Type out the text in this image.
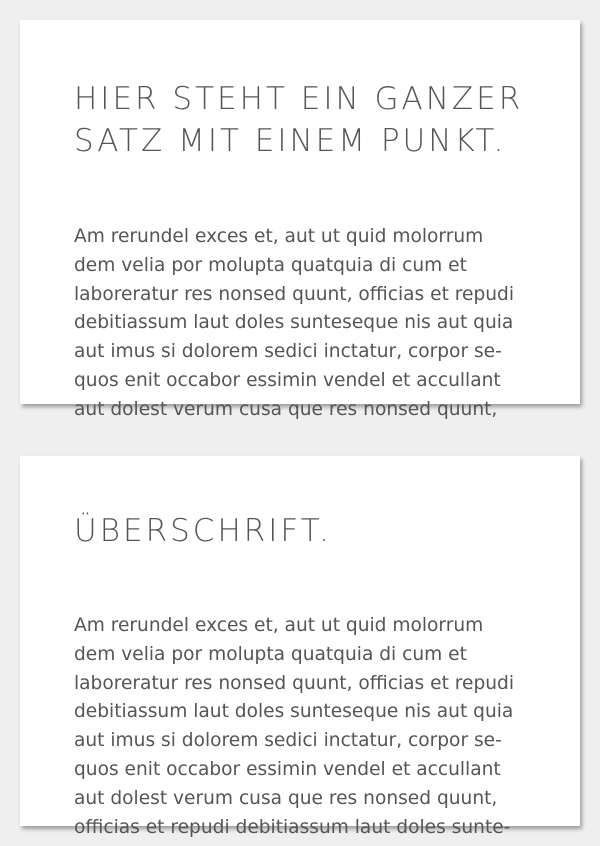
HIER STEHT EIN GANZER
SATZ MIT EINEM PUNKT.

Am rerundel exces et, aut ut quid molorrum
dem velia por molupta quatquia di cum et
laboreratur res nonsed quunt, officias et repudi
debitiassum laut doles sunteseque nis aut quia
aut imus si dolorem sedici inctatur, corpor se-
quos enit occabor essimin vendel et accullant
aut dolest verum cusa que res nonsed quunt,

ÜBERSCHRIFT.

Am rerundel exces et, aut ut quid molorrum
dem velia por molupta quatquia di cum et
laboreratur res nonsed quunt, officias et repudi
debitiassum laut doles sunteseque nis aut quia
aut imus si dolorem sedici inctatur, corpor se-
quos enit occabor essimin vendel et accullant
aut dolest verum cusa que res nonsed quunt,
officias et repudi debitiassum laut doles sunte-
